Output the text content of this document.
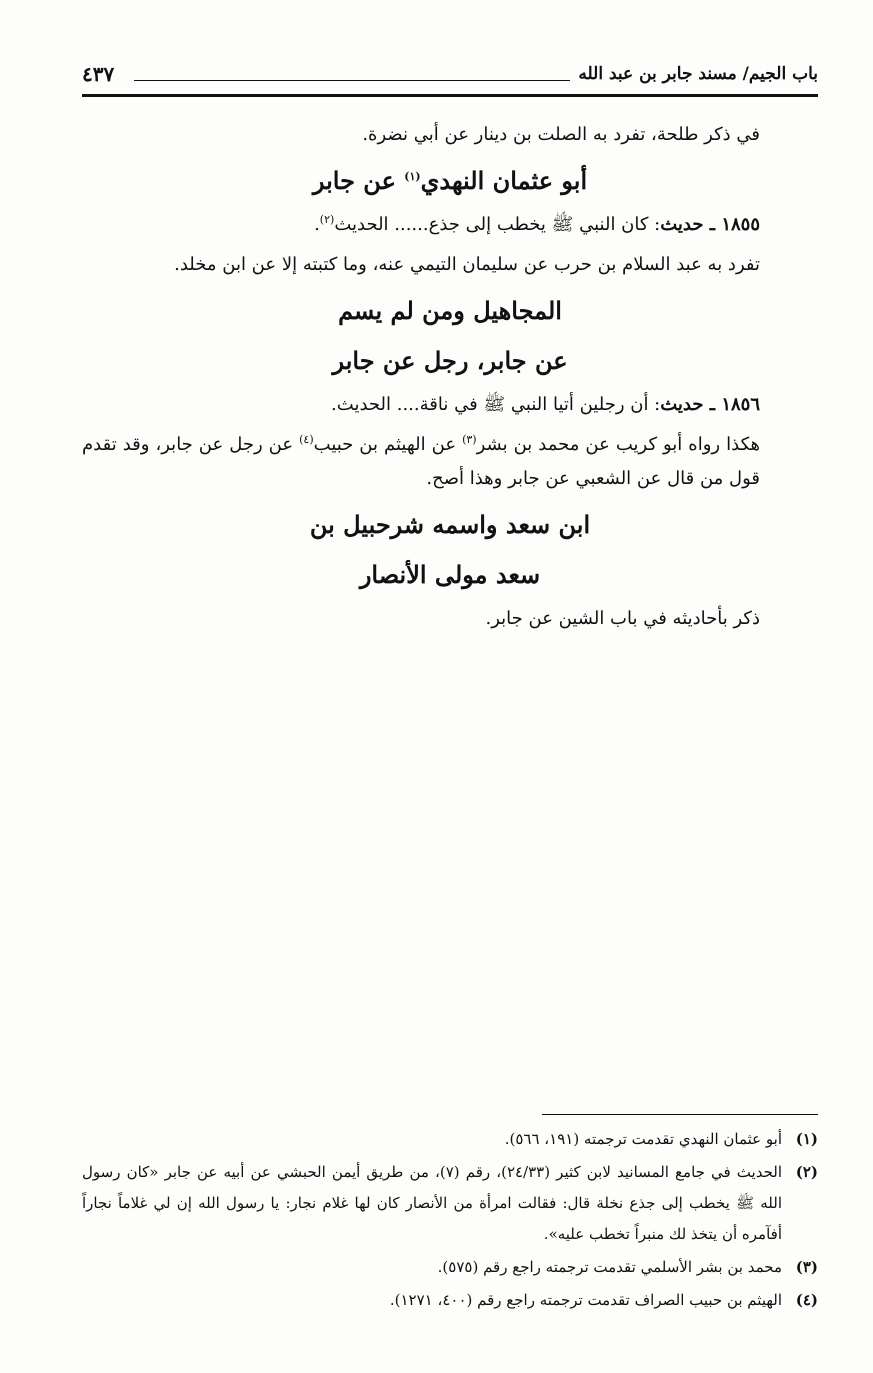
باب الجيم/ مسند جابر بن عبد الله
٤٣٧

في ذكر طلحة، تفرد به الصلت بن دينار عن أبي نضرة.

أبو عثمان النهدي$^{(١)}$ عن جابر

١٨٥٥ ـ حديث: كان النبي ﷺ يخطب إلى جذع...... الحديث$^{(٢)}$.

تفرد به عبد السلام بن حرب عن سليمان التيمي عنه، وما كتبته إلا عن ابن مخلد.

المجاهيل ومن لم يسم
عن جابر، رجل عن جابر

١٨٥٦ ـ حديث: أن رجلين أتيا النبي ﷺ في ناقة.... الحديث.

هكذا رواه أبو كريب عن محمد بن بشر$^{(٣)}$ عن الهيثم بن حبيب$^{(٤)}$ عن رجل عن جابر، وقد تقدم قول من قال عن الشعبي عن جابر وهذا أصح.

ابن سعد واسمه شرحبيل بن
سعد مولى الأنصار

ذكر بأحاديثه في باب الشين عن جابر.

(١)
أبو عثمان النهدي تقدمت ترجمته (١٩١، ٥٦٦).
(٢)
الحديث في جامع المسانيد لابن كثير (٢٤/٣٣)، رقم (٧)، من طريق أيمن الحبشي عن أبيه عن جابر «كان رسول الله ﷺ يخطب إلى جذع نخلة قال: فقالت امرأة من الأنصار كان لها غلام نجار: يا رسول الله إن لي غلاماً نجاراً أفآمره أن يتخذ لك منبراً تخطب عليه».
(٣)
محمد بن بشر الأسلمي تقدمت ترجمته راجع رقم (٥٧٥).
(٤)
الهيثم بن حبيب الصراف تقدمت ترجمته راجع رقم (٤٠٠، ١٢٧١).
